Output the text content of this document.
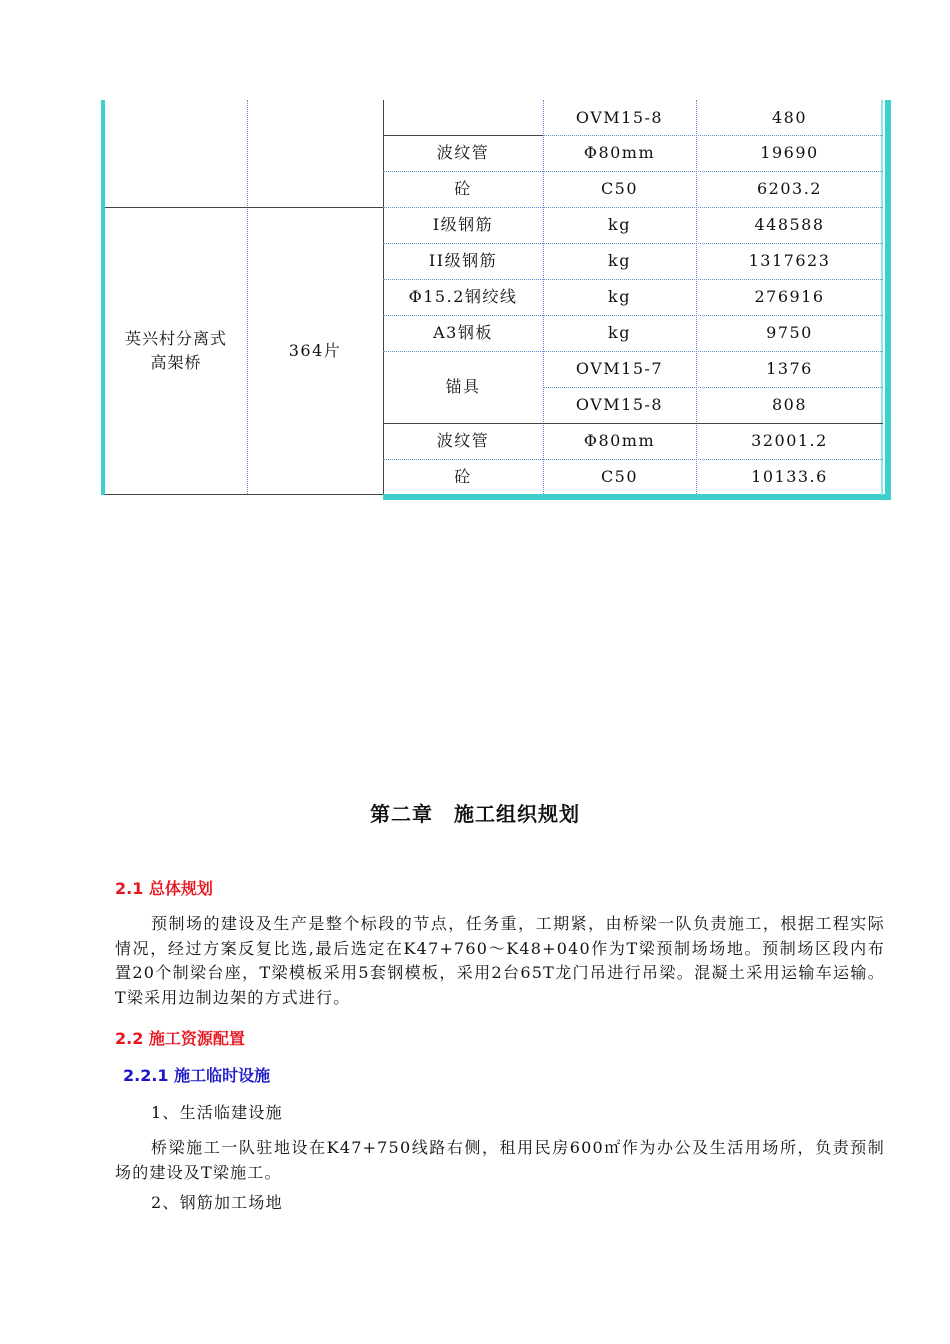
英兴村分离式
高架桥
364片
OVM15-8	480
波纹管	Φ80mm	19690
砼	C50	6203.2
Ⅰ级钢筋	kg	448588
II级钢筋	kg	1317623
Φ15.2钢绞线	kg	276916
A3钢板	kg	9750
锚具
OVM15-7	1376
OVM15-8	808
波纹管	Φ80mm	32001.2
砼	C50	10133.6
第二章　施工组织规划
2.1 总体规划
预制场的建设及生产是整个标段的节点，任务重，工期紧，由桥梁一队负责施工，根据工程实际情况，经过方案反复比选,最后选定在K47+760～K48+040作为T梁预制场场地。预制场区段内布置20个制梁台座，T梁模板采用5套钢模板，采用2台65T龙门吊进行吊梁。混凝土采用运输车运输。T梁采用边制边架的方式进行。
2.2 施工资源配置
2.2.1 施工临时设施
1、生活临建设施
桥梁施工一队驻地设在K47+750线路右侧，租用民房600㎡作为办公及生活用场所，负责预制场的建设及T梁施工。
2、钢筋加工场地
